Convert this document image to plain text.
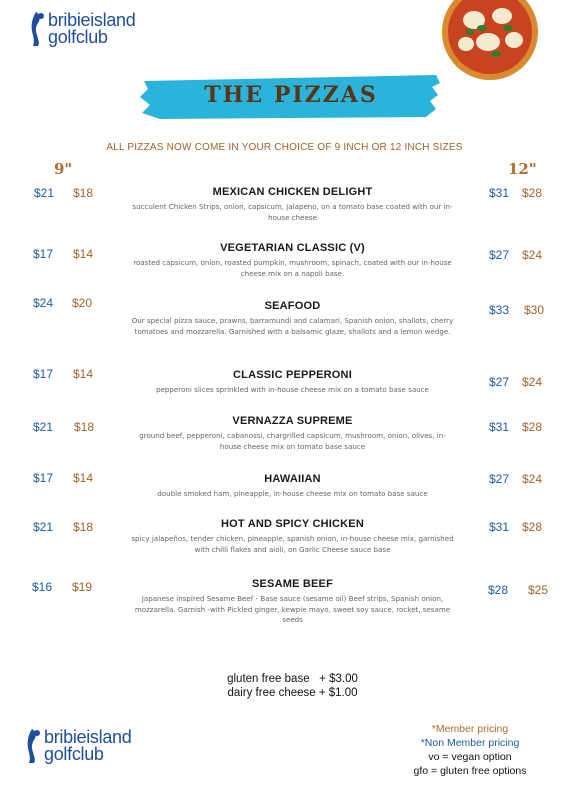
bribieisland
golfclub
THE PIZZAS
ALL PIZZAS NOW COME IN YOUR CHOICE OF 9 INCH OR 12 INCH SIZES
9"	12"
$21 $18	MEXICAN CHICKEN DELIGHT
succulent Chicken Strips, onion, capsicum, jalapeno, on a tomato base coated with our in-house cheese
$31 $28
$17 $14	VEGETARIAN CLASSIC (V)
roasted capsicum, onion, roasted pumpkin, mushroom, spinach, coated with our in-house cheese mix on a napoli base.
$27 $24
$24 $20	SEAFOOD
Our special pizza sauce, prawns, barramundi and calamari, Spanish onion, shallots, cherry tomatoes and mozzarella. Garnished with a balsamic glaze, shallots and a lemon wedge.
$33 $30
$17 $14	CLASSIC PEPPERONI
pepperoni slices sprinkled with in-house cheese mix on a tomato base sauce
$27 $24
$21 $18	VERNAZZA SUPREME
ground beef, pepperoni, cabanossi, chargrilled capsicum, mushroom, onion, olives, in-house cheese mix on tomato base sauce
$31 $28
$17 $14	HAWAIIAN
double smoked ham, pineapple, in-house cheese mix on tomato base sauce
$27 $24
$21 $18	HOT AND SPICY CHICKEN
spicy jalapeños, tender chicken, pineapple, spanish onion, in-house cheese mix, garnished with chilli flakes and aioli, on Garlic Cheese sauce base
$31 $28
$16 $19	SESAME BEEF
Japanese inspired Sesame Beef - Base sauce (sesame oil) Beef strips, Spanish onion, mozzarella. Garnish -with Pickled ginger, kewpie mayo, sweet soy sauce, rocket, sesame seeds
$28 $25
gluten free base   + $3.00
dairy free cheese + $1.00
*Member pricing
*Non Member pricing
vo = vegan option
gfo = gluten free options
bribieisland
golfclub
